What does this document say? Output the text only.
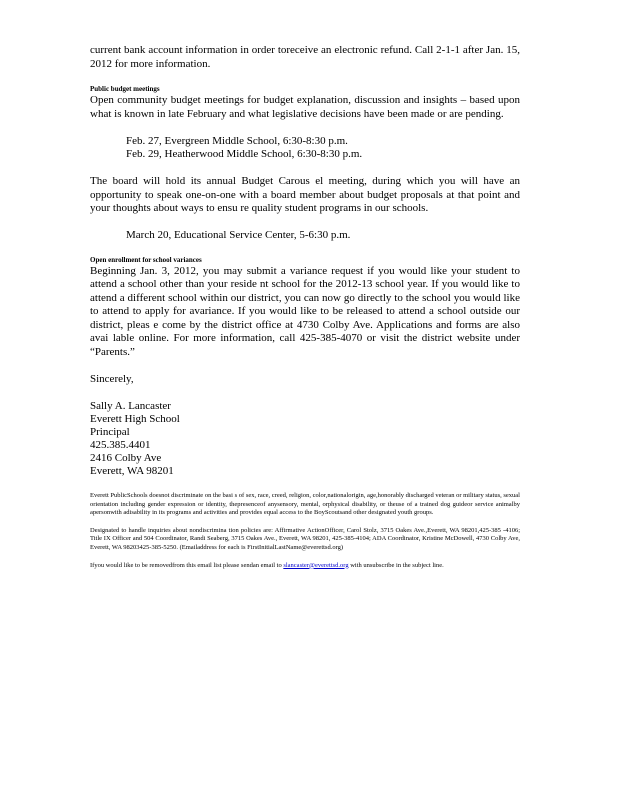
current bank account information in order toreceive an electronic refund. Call 2-1-1 after Jan. 15, 2012 for more information.

Public budget meetings

Open community budget meetings for budget explanation, discussion and insights – based upon what is known in late February and what legislative decisions have been made or are pending.

Feb. 27, Evergreen Middle School, 6:30-8:30 p.m.

Feb. 29, Heatherwood Middle School, 6:30-8:30 p.m.

The board will hold its annual Budget Carous el meeting, during which you will have an opportunity to speak one-on-one with a board member about budget proposals at that point and your thoughts about ways to ensu re quality student programs in our schools.

March 20, Educational Service Center, 5-6:30 p.m.

Open enrollment for school variances

Beginning Jan. 3, 2012, you may submit a variance request if you would like your student to attend a school other than your reside nt school for the 2012-13 school year. If you would like to attend a different school within our district, you can now go directly to the school you would like to attend to apply for avariance. If you would like to be released to attend a school outside our district, pleas e come by the district office at 4730 Colby Ave. Applications and forms are also avai lable online. For more information, call 425-385-4070 or visit the district website under “Parents.”

Sincerely,

Sally A. Lancaster

Everett High School

Principal

425.385.4401

2416 Colby Ave

Everett, WA 98201

Everett PublicSchools doesnot discriminate on the basi s of sex, race, creed, religion, color,nationalorigin, age,honorably discharged veteran or military status, sexual orientation including gender expression or identity, thepresenceof anysensory, mental, orphysical disability, or theuse of a trained dog guideor service animalby apersonwith adisability in its programs and activities and provides equal access to the BoyScoutsand other designated youth groups.

Designated to handle inquiries about nondiscrimina tion policies are: Affirmative ActionOfficer, Carol Stolz, 3715 Oakes Ave.,Everett, WA 98201,425-385 -4106; Title IX Officer and 504 Coordinator, Randi Seaberg, 3715 Oakes Ave., Everett, WA 98201, 425-385-4104; ADA Coordinator, Kristine McDowell, 4730 Colby Ave, Everett, WA 98203425-385-5250. (Emailaddress for each is FirstInitialLastName@everettsd.org)

Ifyou would like to be removedfrom this email list please sendan email to slancaster@everettsd.org with unsubscribe in the subject line.
